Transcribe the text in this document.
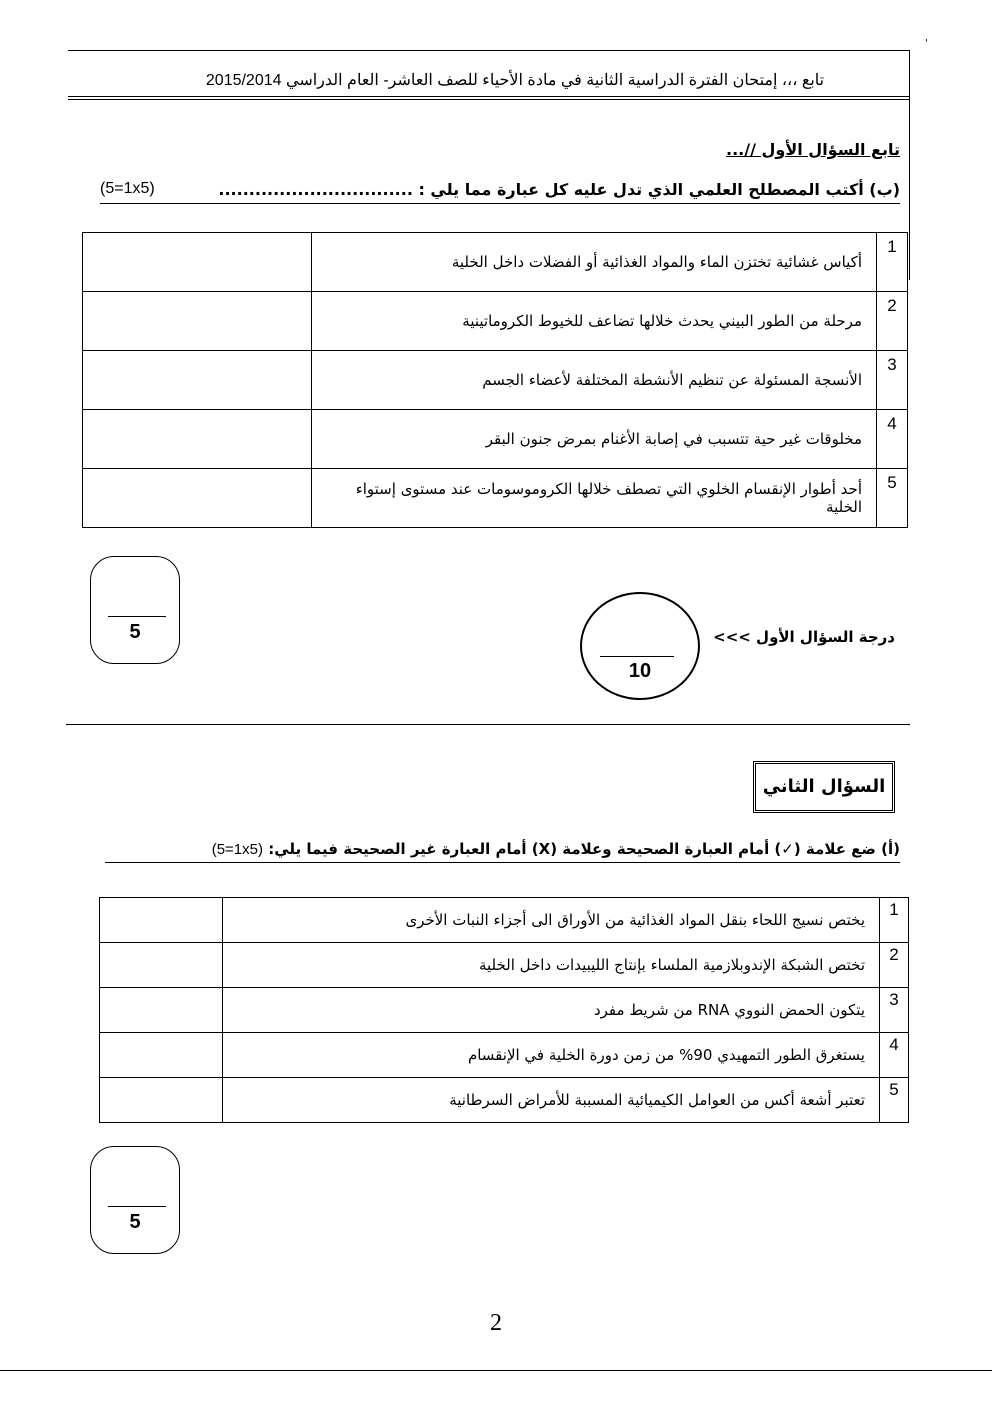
'
تابع ،،، إمتحان الفترة الدراسية الثانية في مادة الأحياء للصف العاشر- العام الدراسي 2015/2014
تابع السؤال الأول //...
(ب) أكتب المصطلح العلمي الذي تدل عليه كل عبارة مما يلي : ................................
(5=1x5)
1	أكياس غشائية تختزن الماء والمواد الغذائية أو الفضلات داخل الخلية	
2	مرحلة من الطور البيني يحدث خلالها تضاعف للخيوط الكروماتينية	
3	الأنسجة المسئولة عن تنظيم الأنشطة المختلفة لأعضاء الجسم	
4	مخلوقات غير حية تتسبب في إصابة الأغنام بمرض جنون البقر	
5	أحد أطوار الإنقسام الخلوي التي تصطف خلالها الكروموسومات عند مستوى إستواء الخلية	
5
10
درجة السؤال الأول >>>
السؤال الثاني
(أ) ضع علامة (✓) أمام العبارة الصحيحة وعلامة (X) أمام العبارة غير الصحيحة فيما يلي: (5=1x5)
1	يختص نسيج اللحاء بنقل المواد الغذائية من الأوراق الى أجزاء النبات الأخرى	
2	تختص الشبكة الإندوبلازمية الملساء بإنتاج الليبيدات داخل الخلية	
3	يتكون الحمض النووي RNA من شريط مفرد	
4	يستغرق الطور التمهيدي 90% من زمن دورة الخلية في الإنقسام	
5	تعتبر أشعة أكس من العوامل الكيميائية المسببة للأمراض السرطانية	
5
2
